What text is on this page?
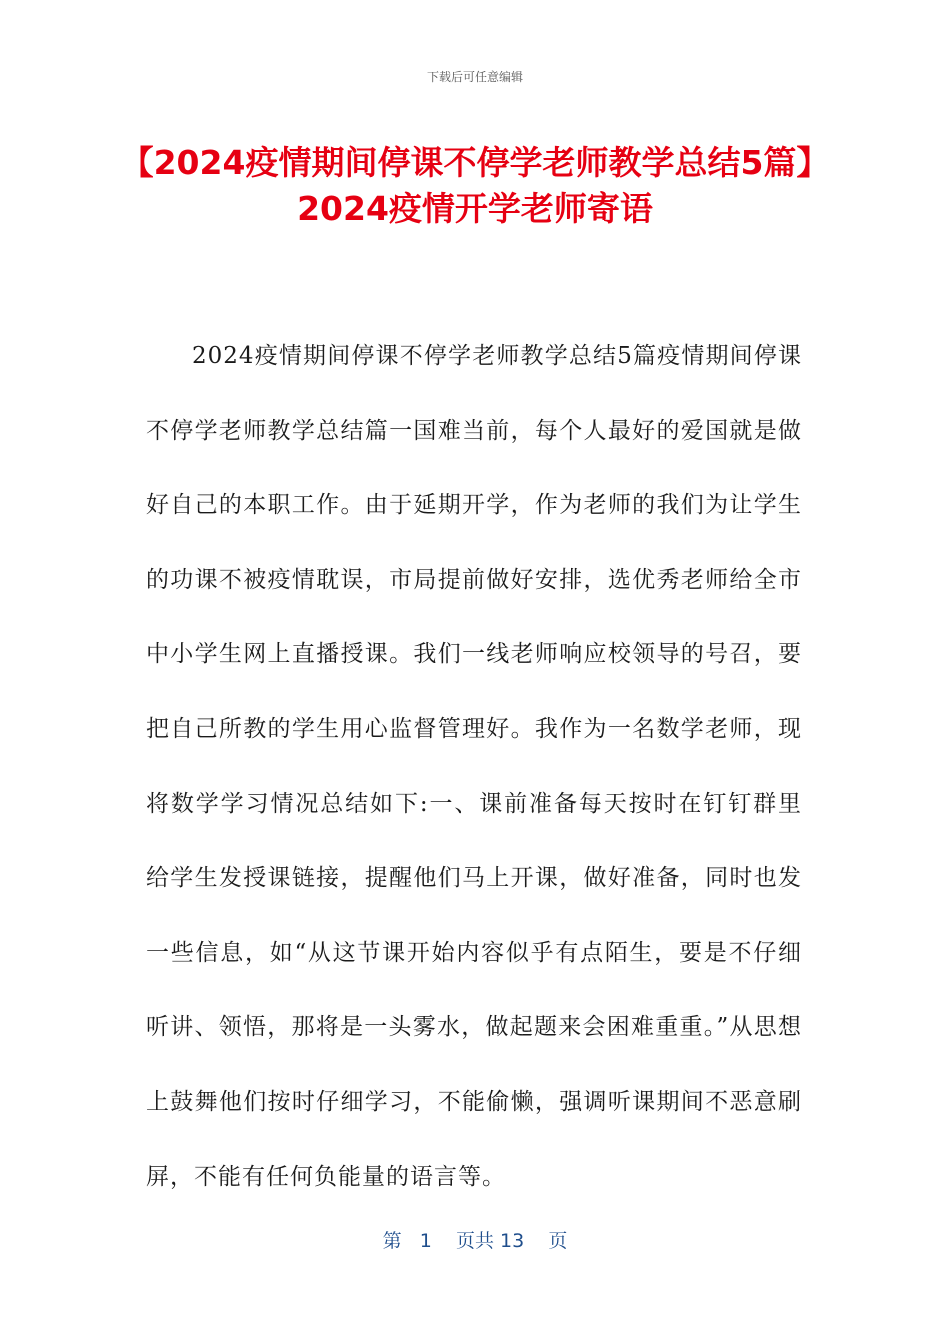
下载后可任意编辑
【2024疫情期间停课不停学老师教学总结5篇】 2024疫情开学老师寄语

2024疫情期间停课不停学老师教学总结5篇疫情期间停课不停学老师教学总结篇一国难当前，每个人最好的爱国就是做好自己的本职工作。由于延期开学，作为老师的我们为让学生的功课不被疫情耽误，市局提前做好安排，选优秀老师给全市中小学生网上直播授课。我们一线老师响应校领导的号召，要把自己所教的学生用心监督管理好。我作为一名数学老师，现将数学学习情况总结如下:一、课前准备每天按时在钉钉群里给学生发授课链接，提醒他们马上开课，做好准备，同时也发一些信息，如“从这节课开始内容似乎有点陌生，要是不仔细听讲、领悟，那将是一头雾水，做起题来会困难重重。”从思想上鼓舞他们按时仔细学习，不能偷懒，强调听课期间不恶意刷屏，不能有任何负能量的语言等。

第 1 页共 13 页
